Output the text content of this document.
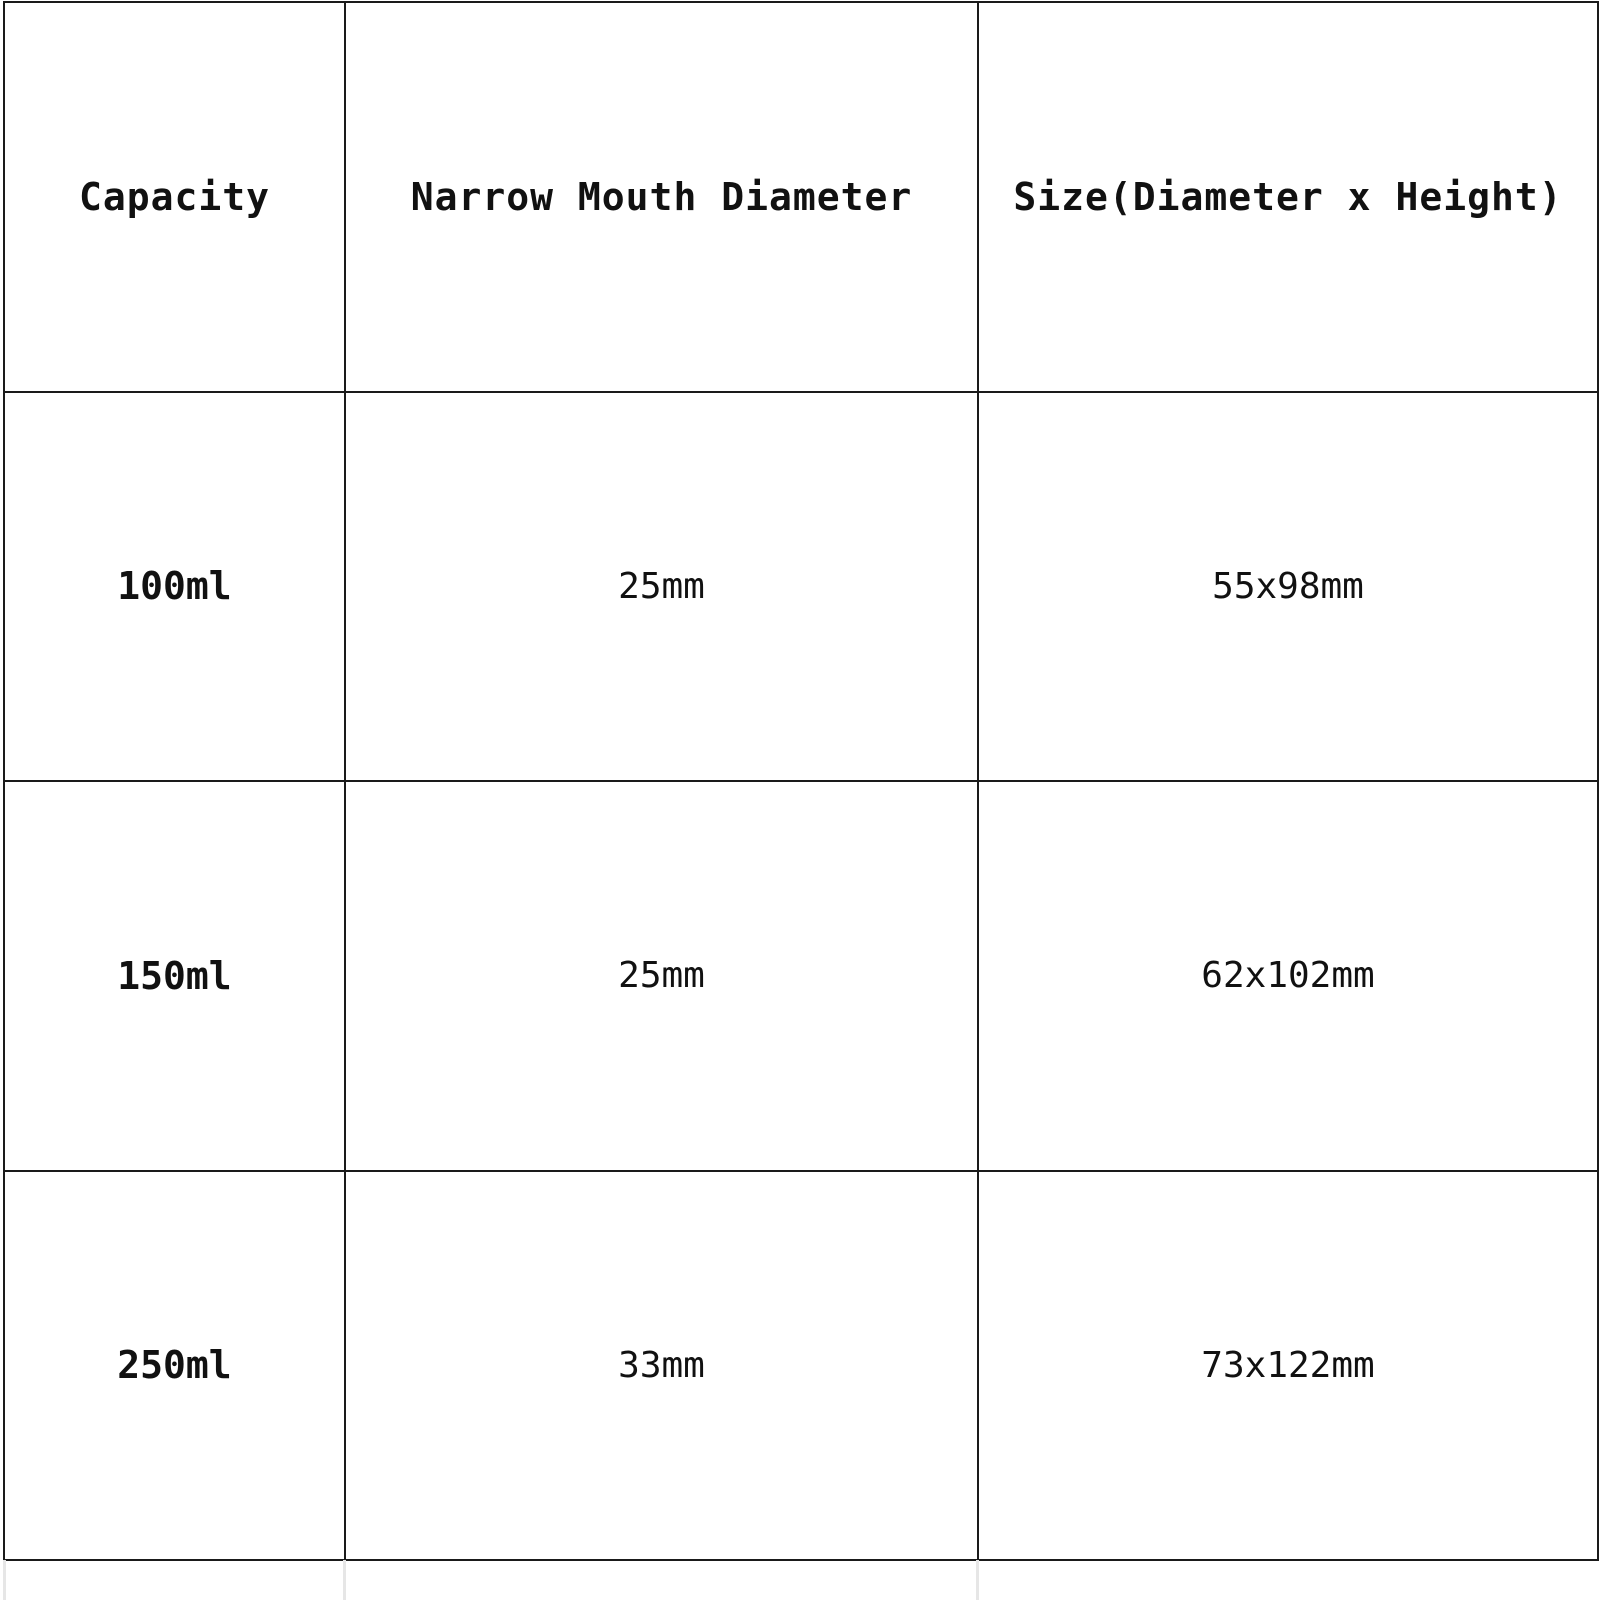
Capacity	Narrow Mouth Diameter	Size(Diameter x Height)
100ml	25mm	55x98mm
150ml	25mm	62x102mm
250ml	33mm	73x122mm
